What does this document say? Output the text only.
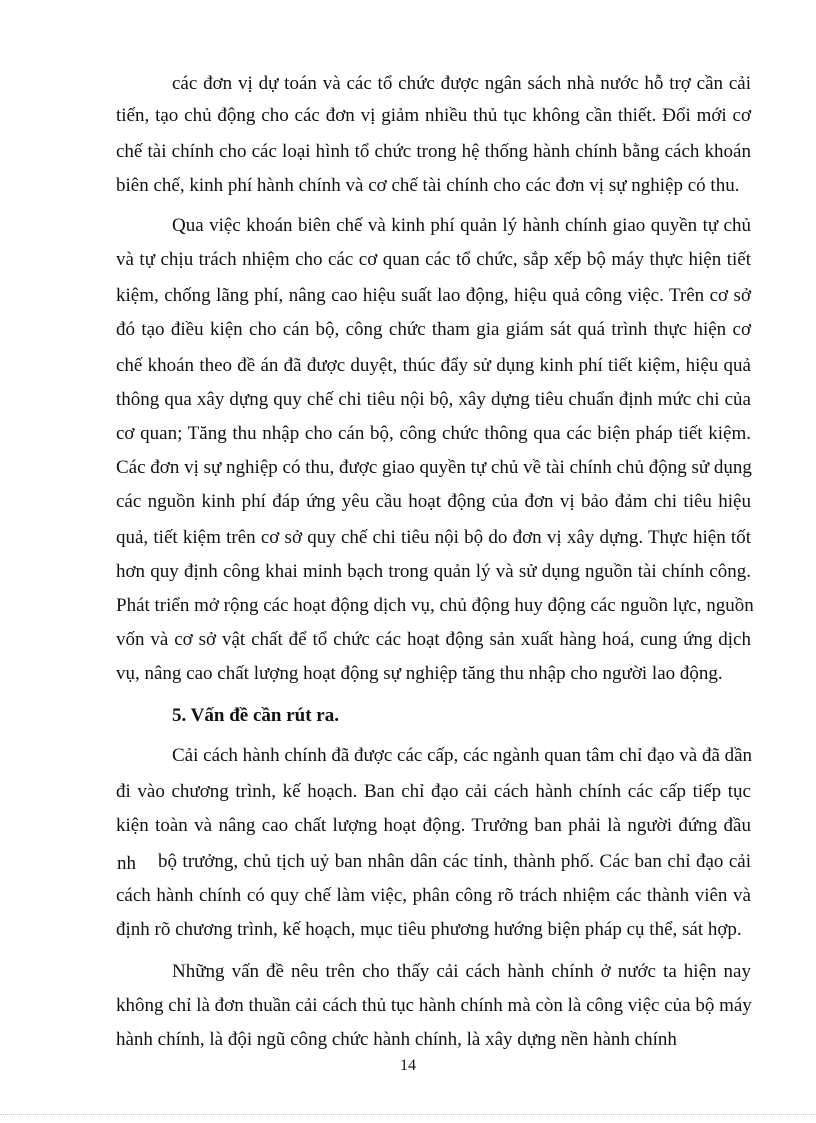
các đơn vị dự toán và các tổ chức được ngân sách nhà nước hỗ trợ cần cải
tiến, tạo chủ động cho các đơn vị giảm nhiều thủ tục không cần thiết. Đổi mới cơ
chế tài chính cho các loại hình tổ chức trong hệ thống hành chính bằng cách khoán
biên chế, kinh phí hành chính và cơ chế tài chính cho các đơn vị sự nghiệp có thu.
Qua việc khoán biên chế và kinh phí quản lý hành chính giao quyền tự chủ
và tự chịu trách nhiệm cho các cơ quan các tổ chức, sắp xếp bộ máy thực hiện tiết
kiệm, chống lãng phí, nâng cao hiệu suất lao động, hiệu quả công việc. Trên cơ sở
đó tạo điều kiện cho cán bộ, công chức tham gia giám sát quá trình thực hiện cơ
chế khoán theo đề án đã được duyệt, thúc đẩy sử dụng kinh phí tiết kiệm, hiệu quả
thông qua xây dựng quy chế chi tiêu nội bộ, xây dựng tiêu chuẩn định mức chi của
cơ quan; Tăng thu nhập cho cán bộ, công chức thông qua các biện pháp tiết kiệm.
Các đơn vị sự nghiệp có thu, được giao quyền tự chủ về tài chính chủ động sử dụng
các nguồn kinh phí đáp ứng yêu cầu hoạt động của đơn vị bảo đảm chi tiêu hiệu
quả, tiết kiệm trên cơ sở quy chế chi tiêu nội bộ do đơn vị xây dựng. Thực hiện tốt
hơn quy định công khai minh bạch trong quản lý và sử dụng nguồn tài chính công.
Phát triển mở rộng các hoạt động dịch vụ, chủ động huy động các nguồn lực, nguồn
vốn và cơ sở vật chất để tổ chức các hoạt động sản xuất hàng hoá, cung ứng dịch
vụ, nâng cao chất lượng hoạt động sự nghiệp tăng thu nhập cho người lao động.
5. Vấn đề cần rút ra.
Cải cách hành chính đã được các cấp, các ngành quan tâm chỉ đạo và đã dần
đi vào chương trình, kế hoạch. Ban chỉ đạo cải cách hành chính các cấp tiếp tục
kiện toàn và nâng cao chất lượng hoạt động. Trưởng ban phải là người đứng đầu
nh bộ trưởng, chủ tịch uỷ ban nhân dân các tỉnh, thành phố. Các ban chỉ đạo cải
cách hành chính có quy chế làm việc, phân công rõ trách nhiệm các thành viên và
định rõ chương trình, kế hoạch, mục tiêu phương hướng biện pháp cụ thể, sát hợp.
Những vấn đề nêu trên cho thấy cải cách hành chính ở nước ta hiện nay
không chỉ là đơn thuần cải cách thủ tục hành chính mà còn là công việc của bộ máy
hành chính, là đội ngũ công chức hành chính, là xây dựng nền hành chính
14
